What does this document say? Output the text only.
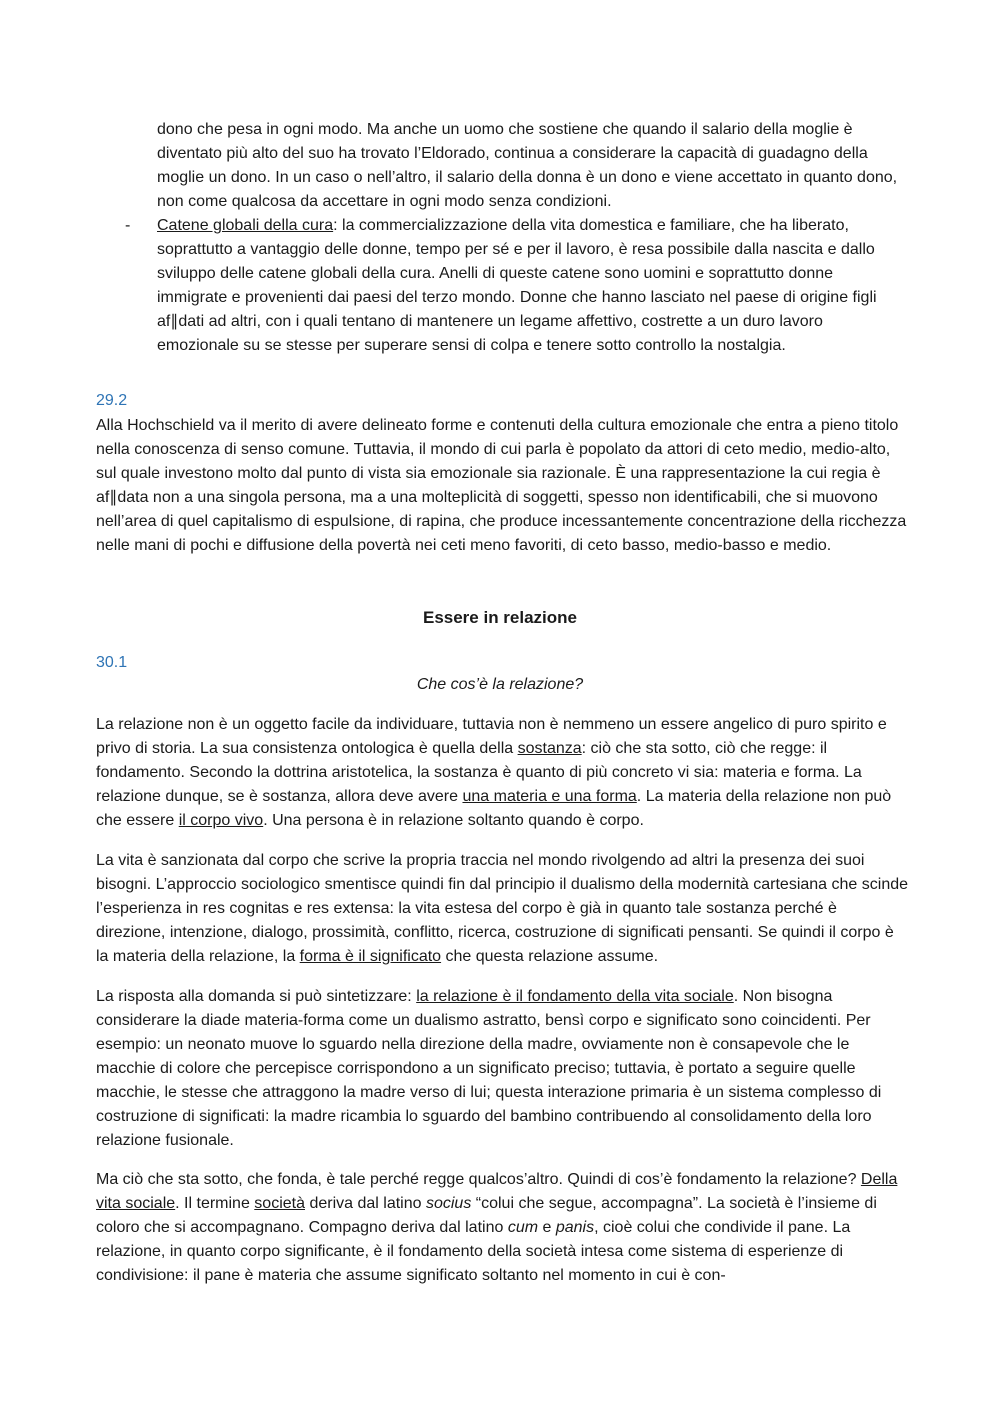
dono che pesa in ogni modo. Ma anche un uomo che sostiene che quando il salario della moglie è diventato più alto del suo ha trovato l’Eldorado, continua a considerare la capacità di guadagno della moglie un dono. In un caso o nell’altro, il salario della donna è un dono e viene accettato in quanto dono, non come qualcosa da accettare in ogni modo senza condizioni.

- Catene globali della cura: la commercializzazione della vita domestica e familiare, che ha liberato, soprattutto a vantaggio delle donne, tempo per sé e per il lavoro, è resa possibile dalla nascita e dallo sviluppo delle catene globali della cura. Anelli di queste catene sono uomini e soprattutto donne immigrate e provenienti dai paesi del terzo mondo. Donne che hanno lasciato nel paese di origine figli af∥dati ad altri, con i quali tentano di mantenere un legame affettivo, costrette a un duro lavoro emozionale su se stesse per superare sensi di colpa e tenere sotto controllo la nostalgia.

29.2

Alla Hochschield va il merito di avere delineato forme e contenuti della cultura emozionale che entra a pieno titolo nella conoscenza di senso comune. Tuttavia, il mondo di cui parla è popolato da attori di ceto medio, medio-alto, sul quale investono molto dal punto di vista sia emozionale sia razionale. È una rappresentazione la cui regia è af∥data non a una singola persona, ma a una molteplicità di soggetti, spesso non identificabili, che si muovono nell’area di quel capitalismo di espulsione, di rapina, che produce incessantemente concentrazione della ricchezza nelle mani di pochi e diffusione della povertà nei ceti meno favoriti, di ceto basso, medio-basso e medio.

Essere in relazione
30.1
Che cos’è la relazione?

La relazione non è un oggetto facile da individuare, tuttavia non è nemmeno un essere angelico di puro spirito e privo di storia. La sua consistenza ontologica è quella della sostanza: ciò che sta sotto, ciò che regge: il fondamento. Secondo la dottrina aristotelica, la sostanza è quanto di più concreto vi sia: materia e forma. La relazione dunque, se è sostanza, allora deve avere una materia e una forma. La materia della relazione non può che essere il corpo vivo. Una persona è in relazione soltanto quando è corpo.

La vita è sanzionata dal corpo che scrive la propria traccia nel mondo rivolgendo ad altri la presenza dei suoi bisogni. L’approccio sociologico smentisce quindi fin dal principio il dualismo della modernità cartesiana che scinde l’esperienza in res cognitas e res extensa: la vita estesa del corpo è già in quanto tale sostanza perché è direzione, intenzione, dialogo, prossimità, conflitto, ricerca, costruzione di significati pensanti. Se quindi il corpo è la materia della relazione, la forma è il significato che questa relazione assume.

La risposta alla domanda si può sintetizzare: la relazione è il fondamento della vita sociale. Non bisogna considerare la diade materia-forma come un dualismo astratto, bensì corpo e significato sono coincidenti. Per esempio: un neonato muove lo sguardo nella direzione della madre, ovviamente non è consapevole che le macchie di colore che percepisce corrispondono a un significato preciso; tuttavia, è portato a seguire quelle macchie, le stesse che attraggono la madre verso di lui; questa interazione primaria è un sistema complesso di costruzione di significati: la madre ricambia lo sguardo del bambino contribuendo al consolidamento della loro relazione fusionale.

Ma ciò che sta sotto, che fonda, è tale perché regge qualcos’altro. Quindi di cos’è fondamento la relazione? Della vita sociale. Il termine società deriva dal latino socius “colui che segue, accompagna”. La società è l’insieme di coloro che si accompagnano. Compagno deriva dal latino cum e panis, cioè colui che condivide il pane. La relazione, in quanto corpo significante, è il fondamento della società intesa come sistema di esperienze di condivisione: il pane è materia che assume significato soltanto nel momento in cui è con-
